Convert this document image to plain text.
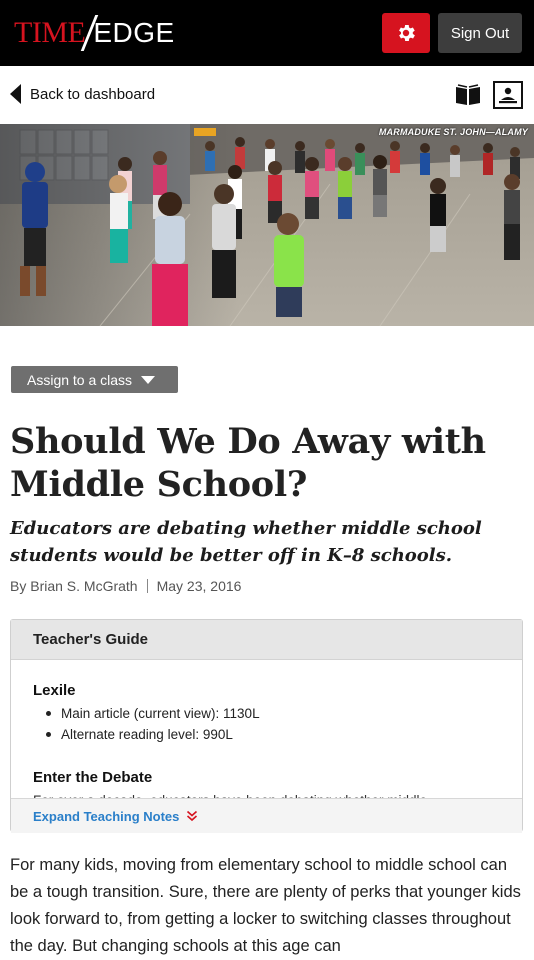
TIME EDGE	Sign Out
Back to dashboard
MARMADUKE ST. JOHN—ALAMY
Assign to a class
Should We Do Away with Middle School?

Educators are debating whether middle school students would be better off in K–8 schools.

By Brian S. McGrath May 23, 2016
Teacher's Guide
Lexile
Main article (current view): 1130L
Alternate reading level: 990L
Enter the Debate
Expand Teaching Notes

For many kids, moving from elementary school to middle school can be a tough transition. Sure, there are plenty of perks that younger kids look forward to, from getting a locker to switching classes throughout the day. But changing schools at this age can
